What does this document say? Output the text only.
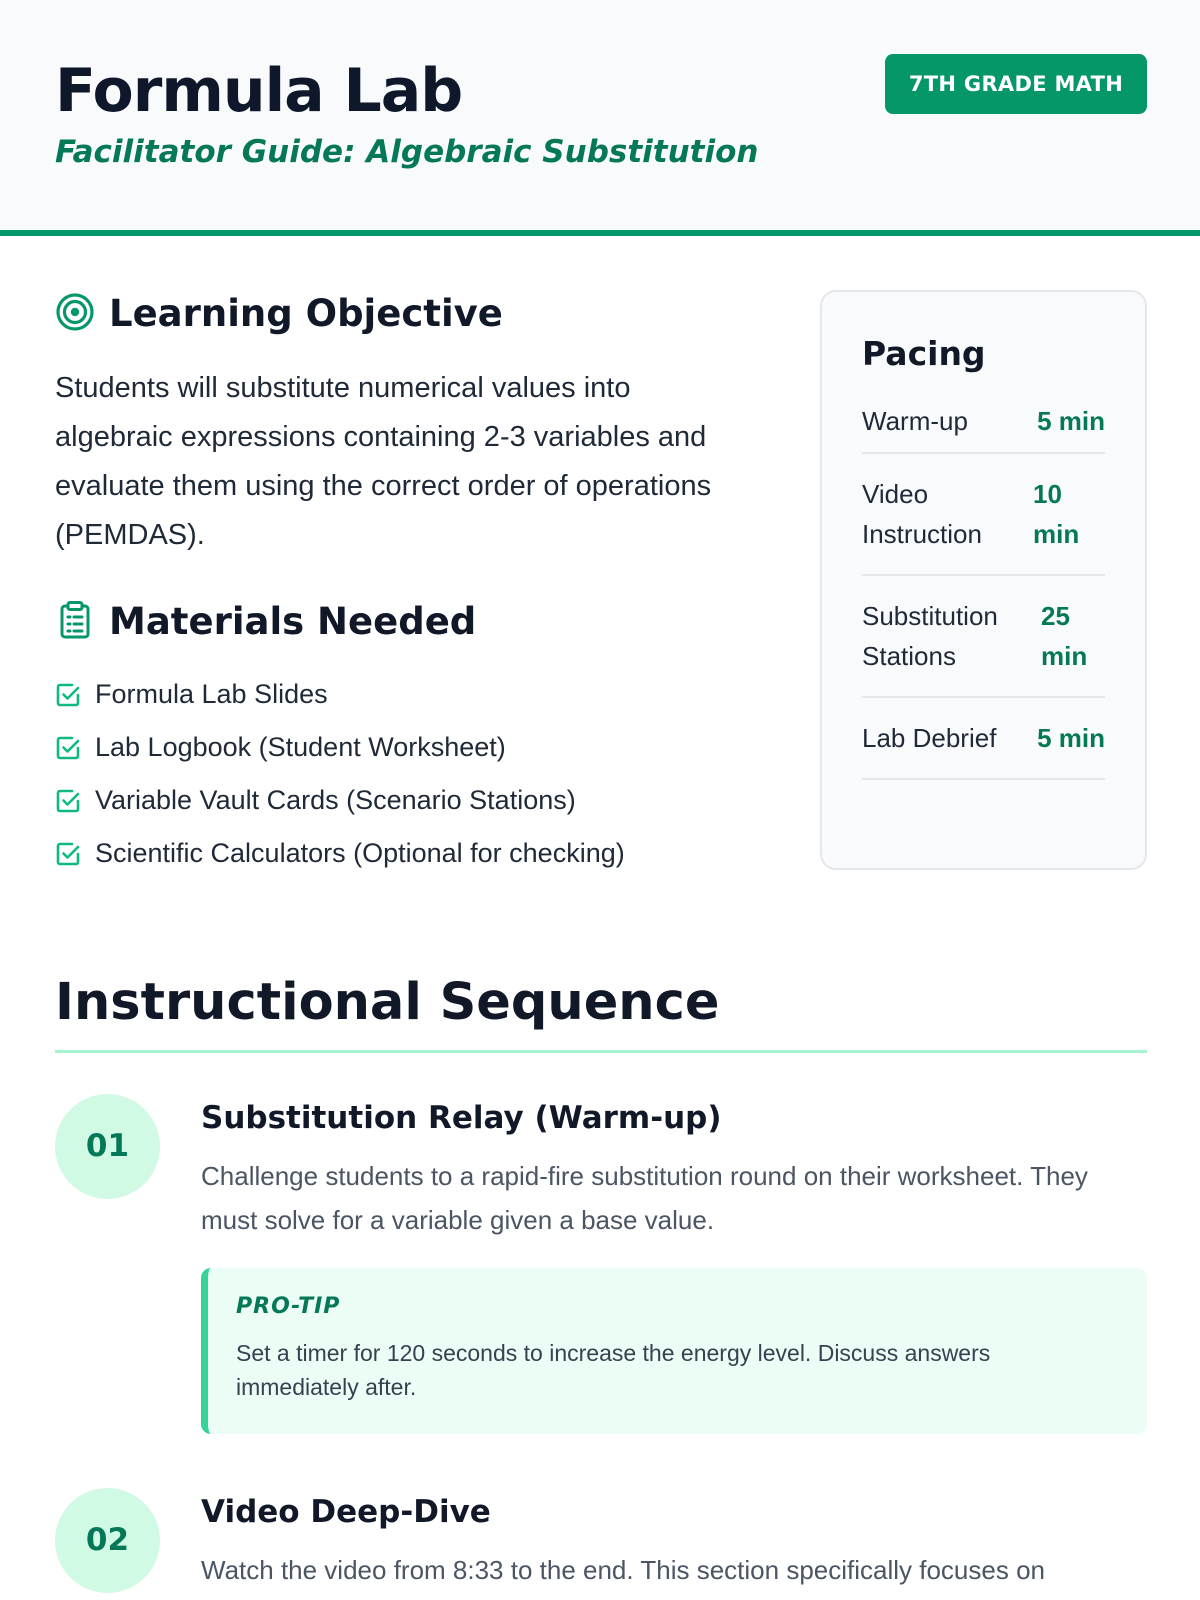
Formula Lab
Facilitator Guide: Algebraic Substitution
7TH GRADE MATH
Learning Objective

Students will substitute numerical values into algebraic expressions containing 2-3 variables and evaluate them using the correct order of operations (PEMDAS).

Materials Needed
Formula Lab Slides
Lab Logbook (Student Worksheet)
Variable Vault Cards (Scenario Stations)
Scientific Calculators (Optional for checking)
Pacing
Warm-up	5 min
Video Instruction
10 min
Substitution Stations
25 min
Lab Debrief 5 min
Instructional Sequence
01
Substitution Relay (Warm-up)

Challenge students to a rapid-fire substitution round on their worksheet. They must solve for a variable given a base value.

PRO-TIP
Set a timer for 120 seconds to increase the energy level. Discuss answers immediately after.
02
Video Deep-Dive

Watch the video from 8:33 to the end. This section specifically focuses on
